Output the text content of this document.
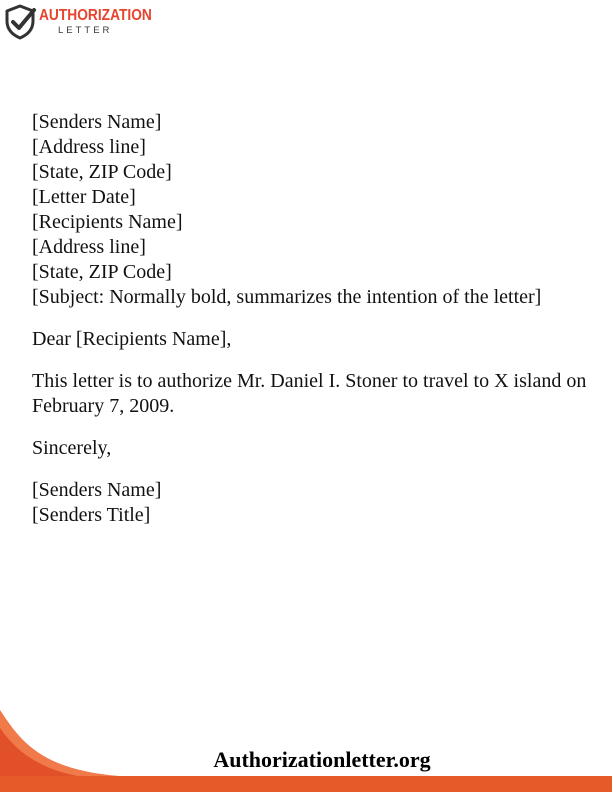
AUTHORIZATION
LETTER
[Senders Name]
[Address line]
[State, ZIP Code]
[Letter Date]
[Recipients Name]
[Address line]
[State, ZIP Code]
[Subject: Normally bold, summarizes the intention of the letter]
Dear [Recipients Name],
This letter is to authorize Mr. Daniel I. Stoner to travel to X island on February 7, 2009.
Sincerely,
[Senders Name]
[Senders Title]
Authorizationletter.org
